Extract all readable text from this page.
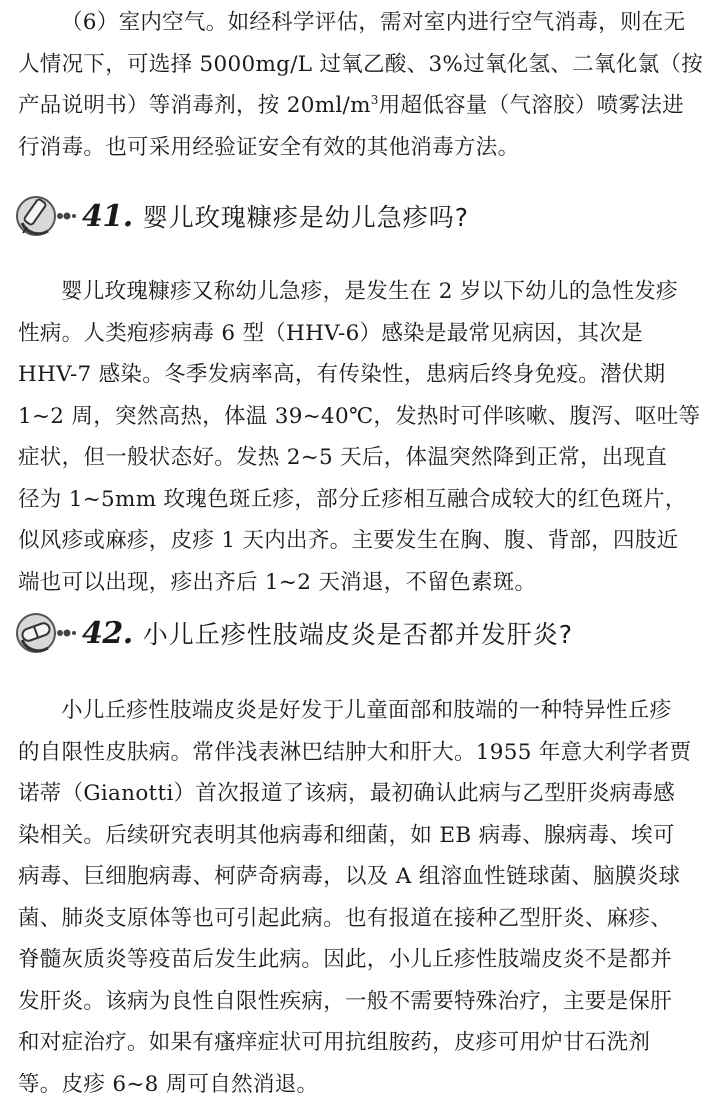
（6）室内空气。如经科学评估，需对室内进行空气消毒，则在无
人情况下，可选择 5000mg/L 过氧乙酸、3%过氧化氢、二氧化氯（按
产品说明书）等消毒剂，按 $20ml/m^3$用超低容量（气溶胶）喷雾法进
行消毒。也可采用经验证安全有效的其他消毒方法。
41. 婴儿玫瑰糠疹是幼儿急疹吗?
婴儿玫瑰糠疹又称幼儿急疹，是发生在 2 岁以下幼儿的急性发疹
性病。人类疱疹病毒 6 型（HHV-6）感染是最常见病因，其次是
HHV-7 感染。冬季发病率高，有传染性，患病后终身免疫。潜伏期
1~2 周，突然高热，体温 39~40℃，发热时可伴咳嗽、腹泻、呕吐等
症状，但一般状态好。发热 2~5 天后，体温突然降到正常，出现直
径为 1~5mm 玫瑰色斑丘疹，部分丘疹相互融合成较大的红色斑片，
似风疹或麻疹，皮疹 1 天内出齐。主要发生在胸、腹、背部，四肢近
端也可以出现，疹出齐后 1~2 天消退，不留色素斑。
42. 小儿丘疹性肢端皮炎是否都并发肝炎?
小儿丘疹性肢端皮炎是好发于儿童面部和肢端的一种特异性丘疹
的自限性皮肤病。常伴浅表淋巴结肿大和肝大。1955 年意大利学者贾
诺蒂（Gianotti）首次报道了该病，最初确认此病与乙型肝炎病毒感
染相关。后续研究表明其他病毒和细菌，如 EB 病毒、腺病毒、埃可
病毒、巨细胞病毒、柯萨奇病毒，以及 A 组溶血性链球菌、脑膜炎球
菌、肺炎支原体等也可引起此病。也有报道在接种乙型肝炎、麻疹、
脊髓灰质炎等疫苗后发生此病。因此，小儿丘疹性肢端皮炎不是都并
发肝炎。该病为良性自限性疾病，一般不需要特殊治疗，主要是保肝
和对症治疗。如果有瘙痒症状可用抗组胺药，皮疹可用炉甘石洗剂
等。皮疹 6~8 周可自然消退。
